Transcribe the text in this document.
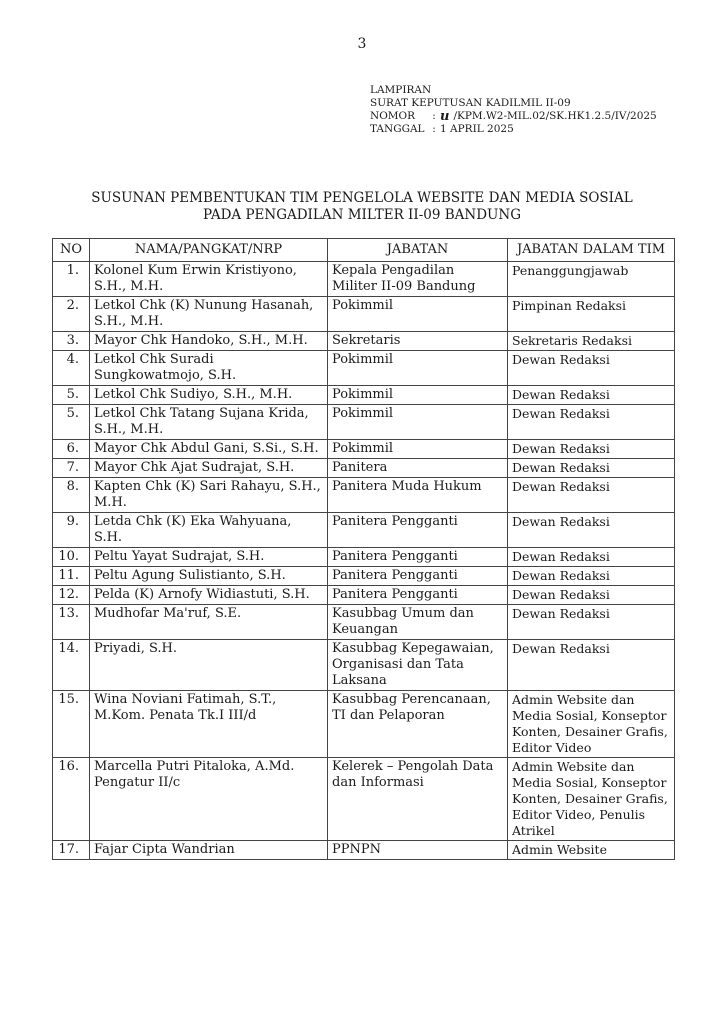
3
LAMPIRAN
SURAT KEPUTUSAN KADILMIL II-09
NOMOR	: u /KPM.W2-MIL.02/SK.HK1.2.5/IV/2025
TANGGAL : 1 APRIL 2025
SUSUNAN PEMBENTUKAN TIM PENGELOLA WEBSITE DAN MEDIA SOSIAL
PADA PENGADILAN MILTER II-09 BANDUNG
NO	NAMA/PANGKAT/NRP	JABATAN	JABATAN DALAM TIM
1.	Kolonel Kum Erwin Kristiyono, S.H., M.H.	Kepala Pengadilan Militer II-09 Bandung	Penanggungjawab
2.	Letkol Chk (K) Nunung Hasanah, S.H., M.H.	Pokimmil	Pimpinan Redaksi
3.	Mayor Chk Handoko, S.H., M.H.	Sekretaris	Sekretaris Redaksi
4.	Letkol Chk Suradi Sungkowatmojo, S.H.	Pokimmil	Dewan Redaksi
5.	Letkol Chk Sudiyo, S.H., M.H.	Pokimmil	Dewan Redaksi
5.	Letkol Chk Tatang Sujana Krida, S.H., M.H.	Pokimmil	Dewan Redaksi
6.	Mayor Chk Abdul Gani, S.Si., S.H.	Pokimmil	Dewan Redaksi
7.	Mayor Chk Ajat Sudrajat, S.H.	Panitera	Dewan Redaksi
8.	Kapten Chk (K) Sari Rahayu, S.H., M.H.	Panitera Muda Hukum	Dewan Redaksi
9.	Letda Chk (K) Eka Wahyuana, S.H.	Panitera Pengganti	Dewan Redaksi
10.	Peltu Yayat Sudrajat, S.H.	Panitera Pengganti	Dewan Redaksi
11.	Peltu Agung Sulistianto, S.H.	Panitera Pengganti	Dewan Redaksi
12.	Pelda (K) Arnofy Widiastuti, S.H.	Panitera Pengganti	Dewan Redaksi
13.	Mudhofar Ma'ruf, S.E.	Kasubbag Umum dan Keuangan	Dewan Redaksi
14.	Priyadi, S.H.	Kasubbag Kepegawaian, Organisasi dan Tata Laksana	Dewan Redaksi
15.	Wina Noviani Fatimah, S.T., M.Kom. Penata Tk.I III/d	Kasubbag Perencanaan, TI dan Pelaporan	Admin Website dan Media Sosial, Konseptor Konten, Desainer Grafis, Editor Video
16.	Marcella Putri Pitaloka, A.Md. Pengatur II/c	Kelerek – Pengolah Data dan Informasi	Admin Website dan Media Sosial, Konseptor Konten, Desainer Grafis, Editor Video, Penulis Atrikel
17.	Fajar Cipta Wandrian	PPNPN	Admin Website
